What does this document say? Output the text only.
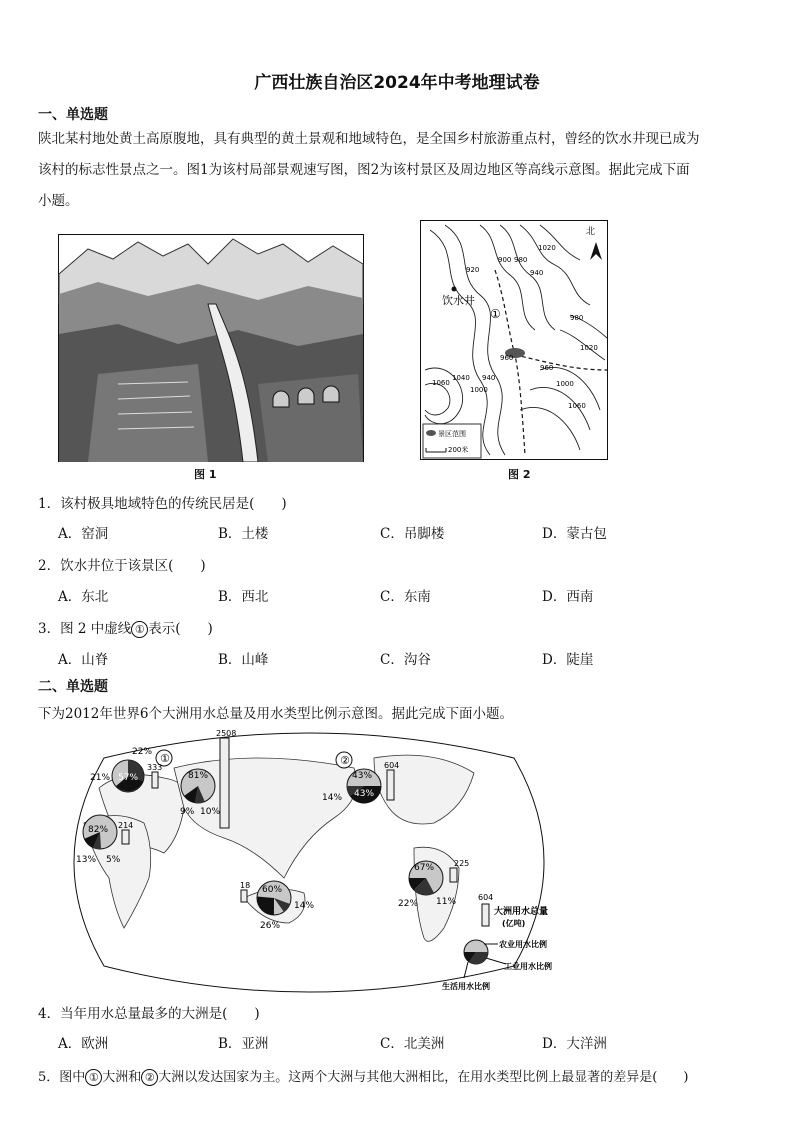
广西壮族自治区2024年中考地理试卷
一、单选题
陕北某村地处黄土高原腹地，具有典型的黄土景观和地域特色，是全国乡村旅游重点村，曾经的饮水井现已成为
该村的标志性景点之一。图1为该村局部景观速写图，图2为该村景区及周边地区等高线示意图。据此完成下面
小题。
图 1
饮水井
①
北
1020
980
940
920
900
960
1060
1040
1000
940
960
980
1000
1060
1020
景区范围
200米
图 2
1．该村极具地域特色的传统民居是(　　)
A．窑洞	B．土楼	C．吊脚楼	D．蒙古包
2．饮水井位于该景区(　　)
A．东北	B．西北	C．东南	D．西南
3．图 2 中虚线 ① 表示(　　)
A．山脊	B．山峰	C．沟谷	D．陡崖
二、单选题
下为2012年世界6个大洲用水总量及用水类型比例示意图。据此完成下面小题。
①	②
333
22%
57%
21%
2508
81%
9% 10%
214
82%
13% 5%
18 60%
26%
14%
604
43%
43%
14%
225
67%
22% 11%	604
大洲用水总量
(亿吨)
农业用水比例
工业用水比例
生活用水比例
4．当年用水总量最多的大洲是(　　)
A．欧洲	B．亚洲	C．北美洲	D．大洋洲
5．图中 ① 大洲和 ② 大洲以发达国家为主。这两个大洲与其他大洲相比，在用水类型比例上最显著的差异是(　　)
